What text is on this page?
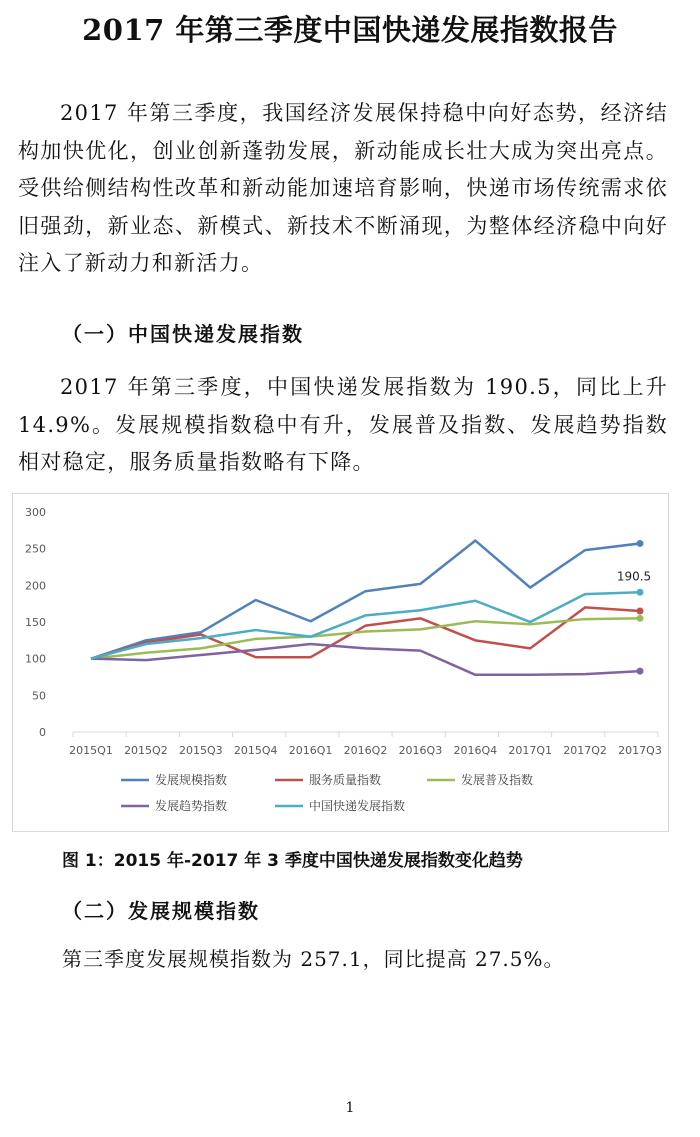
2017 年第三季度中国快递发展指数报告
2017 年第三季度，我国经济发展保持稳中向好态势，经济结构加快优化，创业创新蓬勃发展，新动能成长壮大成为突出亮点。受供给侧结构性改革和新动能加速培育影响，快递市场传统需求依旧强劲，新业态、新模式、新技术不断涌现，为整体经济稳中向好注入了新动力和新活力。
（一）中国快递发展指数
2017 年第三季度，中国快递发展指数为 190.5，同比上升 14.9%。发展规模指数稳中有升，发展普及指数、发展趋势指数相对稳定，服务质量指数略有下降。
0
50
100
150
200
250
300
2015Q1 2015Q2 2015Q3 2015Q4 2016Q1 2016Q2 2016Q3 2016Q4 2017Q1 2017Q2 2017Q3
190.5
发展规模指数	服务质量指数	发展普及指数
发展趋势指数	中国快递发展指数
图 1：2015 年-2017 年 3 季度中国快递发展指数变化趋势
（二）发展规模指数
第三季度发展规模指数为 257.1，同比提高 27.5%。
1
